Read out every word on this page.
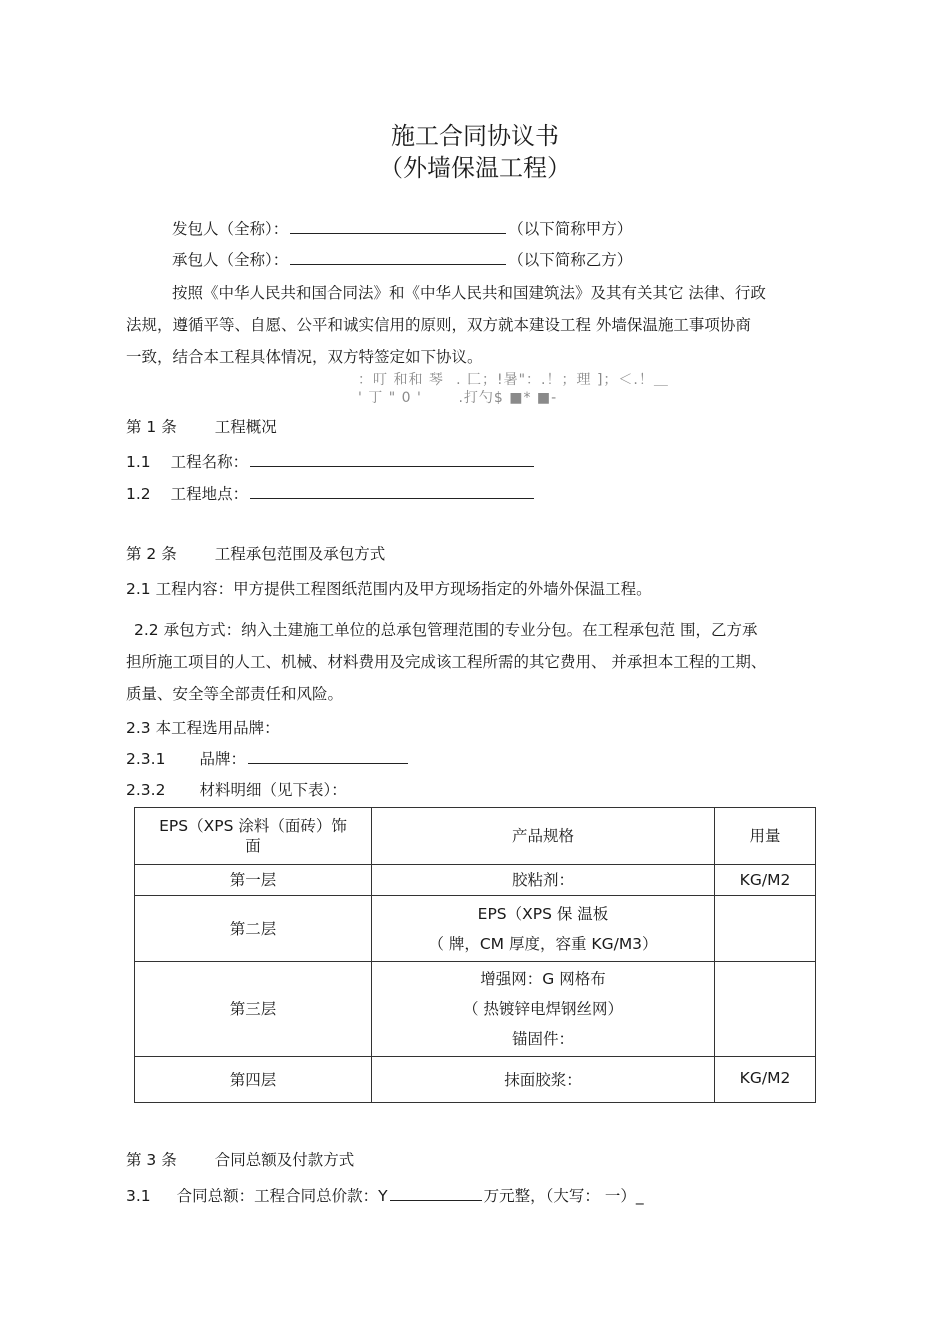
施工合同协议书
（外墙保温工程）
发包人（全称）：	（以下简称甲方）
承包人（全称）：	（以下简称乙方）
按照《中华人民共和国合同法》和《中华人民共和国建筑法》及其有关其它 法律、行政
法规，遵循平等、自愿、公平和诚实信用的原则，双方就本建设工程 外墙保温施工事项协商
一致，结合本工程具体情况，双方特签定如下协议。
：叮 和和 琴. 匚；!暑"：.！；理 ]；＜.！＿ 
' 丁 " 0 '.打勺$ ■* ■- 
第 1 条 工程概况
1.1 工程名称：
1.2 工程地点：
第 2 条 工程承包范围及承包方式
2.1 工程内容：甲方提供工程图纸范围内及甲方现场指定的外墙外保温工程。
2.2 承包方式：纳入土建施工单位的总承包管理范围的专业分包。在工程承包范 围，乙方承
担所施工项目的人工、机械、材料费用及完成该工程所需的其它费用、 并承担本工程的工期、
质量、安全等全部责任和风险。
2.3 本工程选用品牌：
2.3.1 品牌：
2.3.2 材料明细（见下表）：
EPS（XPS 涂料（面砖）饰
面	产品规格	用量
第一层	胶粘剂：	KG/M2
第二层	EPS（XPS 保 温板
（ 牌，CM 厚度，容重 KG/M3）	

第三层	增强网：G 网格布
（ 热镀锌电焊钢丝网）
锚固件：	

第四层	抹面胶浆：	KG/M2
第 3 条 合同总额及付款方式
3.1 合同总额：工程合同总价款：Y	万元整，（大写： 一）_
